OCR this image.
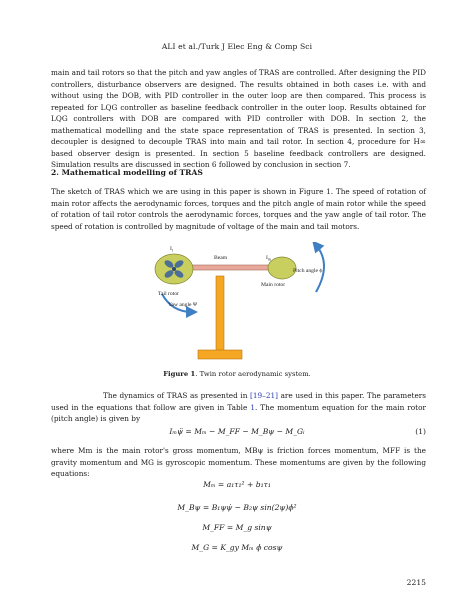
ALI et al./Turk J Elec Eng & Comp Sci

main and tail rotors so that the pitch and yaw angles of TRAS are controlled. After designing the PID controllers, disturbance observers are designed. The results obtained in both cases i.e. with and without using the DOB, with PID controller in the outer loop are then compared. This process is repeated for LQG controller as baseline feedback controller in the outer loop. Results obtained for LQG controllers with DOB are compared with PID controller with DOB. In section 2, the mathematical modelling and the state space representation of TRAS is presented. In section 3, decoupler is designed to decouple TRAS into main and tail rotor. In section 4, procedure for H∞ based observer design is presented. In section 5 baseline feedback controllers are designed. Simulation results are discussed in section 6 followed by conclusion in section 7.

2. Mathematical modelling of TRAS

The sketch of TRAS which we are using in this paper is shown in Figure 1. The speed of rotation of main rotor affects the aerodynamic forces, torques and the pitch angle of main rotor while the speed of rotation of tail rotor controls the aerodynamic forces, torques and the yaw angle of tail rotor. The speed of rotation is controlled by magnitude of voltage of the main and tail motors.

$I_t$
Beam	$I_m$
Pitch angle ϕ
Main rotor
Tail rotor
Yaw angle Ψ
Figure 1. Twin rotor aerodynamic system.

The dynamics of TRAS as presented in [19–21] are used in this paper. The parameters used in the equations that follow are given in Table 1. The momentum equation for the main rotor (pitch angle) is given by

Iₘψ̈ = Mₘ − M_FF − M_Bψ − M_Gᵢ	(1)

where Mm is the main rotor's gross momentum, MBψ is friction forces momentum, MFF is the gravity momentum and MG is gyroscopic momentum. These momentums are given by the following equations:

Mₘ = a₁τ₁² + b₁τ₁
M_Bψ = B₁ψψ̇ − B₂ψ sin(2ψ)ϕ̇²
M_FF = M_g sinψ
M_G = K_gy Mₘ ϕ̇ cosψ
2215
